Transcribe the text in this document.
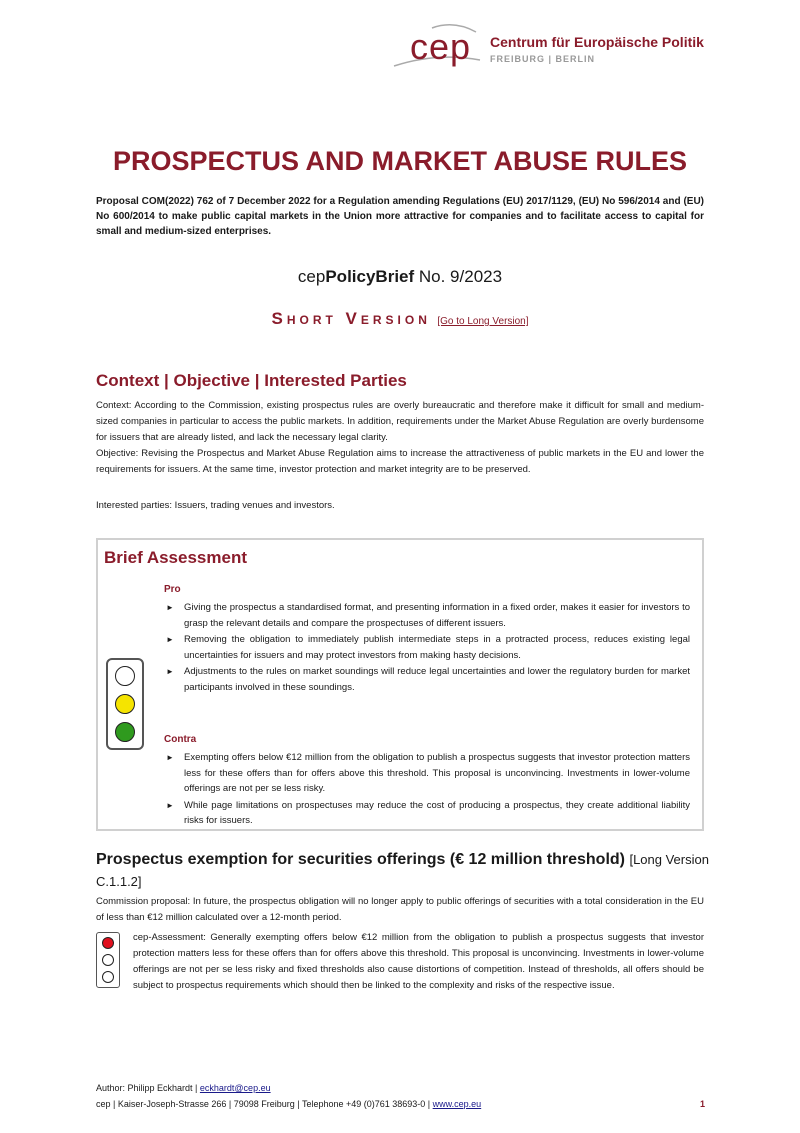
cep Centrum für Europäische Politik
FREIBURG | BERLIN
PROSPECTUS AND MARKET ABUSE RULES
Proposal COM(2022) 762 of 7 December 2022 for a Regulation amending Regulations (EU) 2017/1129, (EU) No 596/2014 and (EU) No 600/2014 to make public capital markets in the Union more attractive for companies and to facilitate access to capital for small and medium-sized enterprises.
cepPolicyBrief No. 9/2023
Short Version [Go to Long Version]
Context | Objective | Interested Parties
Context: According to the Commission, existing prospectus rules are overly bureaucratic and therefore make it difficult for small and medium-sized companies in particular to access the public markets. In addition, requirements under the Market Abuse Regulation are overly burdensome for issuers that are already listed, and lack the necessary legal clarity.
Objective: Revising the Prospectus and Market Abuse Regulation aims to increase the attractiveness of public markets in the EU and lower the requirements for issuers. At the same time, investor protection and market integrity are to be preserved.
Interested parties: Issuers, trading venues and investors.
Brief Assessment
Pro
► Giving the prospectus a standardised format, and presenting information in a fixed order, makes it easier for investors to grasp the relevant details and compare the prospectuses of different issuers.
► Removing the obligation to immediately publish intermediate steps in a protracted process, reduces existing legal uncertainties for issuers and may protect investors from making hasty decisions.
► Adjustments to the rules on market soundings will reduce legal uncertainties and lower the regulatory burden for market participants involved in these soundings.
Contra
► Exempting offers below €12 million from the obligation to publish a prospectus suggests that investor protection matters less for these offers than for offers above this threshold. This proposal is unconvincing. Investments in lower-volume offerings are not per se less risky.
► While page limitations on prospectuses may reduce the cost of producing a prospectus, they create additional liability risks for issuers.
Prospectus exemption for securities offerings (€ 12 million threshold) [Long Version C.1.1.2]
Commission proposal: In future, the prospectus obligation will no longer apply to public offerings of securities with a total consideration in the EU of less than €12 million calculated over a 12-month period.
cep-Assessment: Generally exempting offers below €12 million from the obligation to publish a prospectus suggests that investor protection matters less for these offers than for offers above this threshold. This proposal is unconvincing. Investments in lower-volume offerings are not per se less risky and fixed thresholds also cause distortions of competition. Instead of thresholds, all offers should be subject to prospectus requirements which should then be linked to the complexity and risks of the respective issue.
Author: Philipp Eckhardt | eckhardt@cep.eu
cep | Kaiser-Joseph-Strasse 266 | 79098 Freiburg | Telephone +49 (0)761 38693-0 | www.cep.eu	1
